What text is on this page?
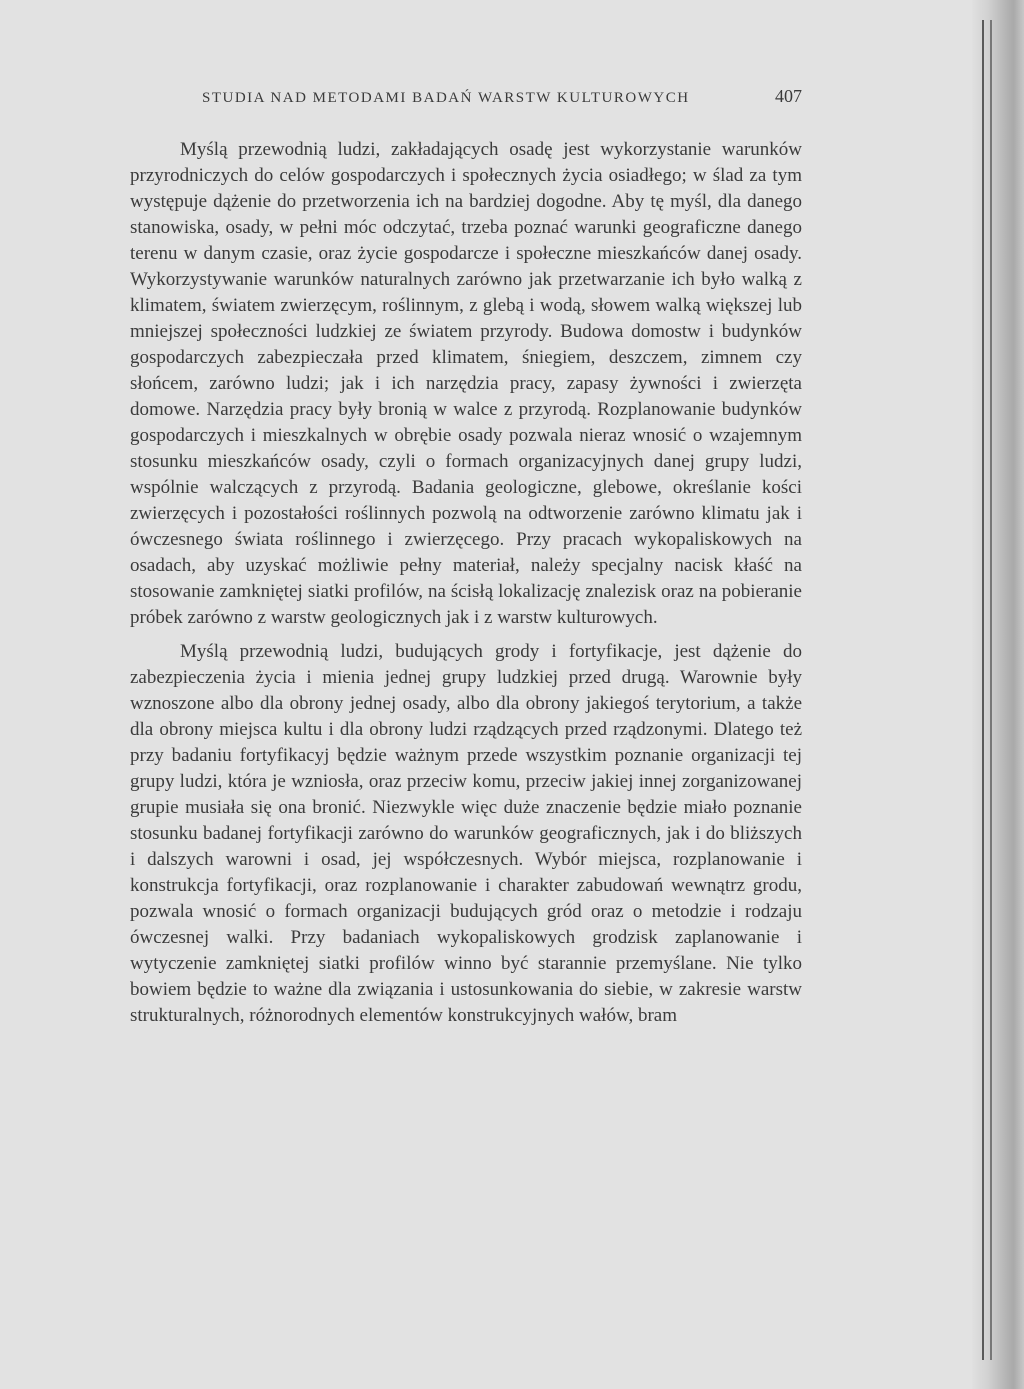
STUDIA NAD METODAMI BADAŃ WARSTW KULTUROWYCH	407

Myślą przewodnią ludzi, zakładających osadę jest wykorzystanie warunków przyrodniczych do celów gospodarczych i społecznych życia osiadłego; w ślad za tym występuje dążenie do przetworzenia ich na bardziej dogodne. Aby tę myśl, dla danego stanowiska, osady, w pełni móc odczytać, trzeba poznać warunki geograficzne danego terenu w danym czasie, oraz życie gospodarcze i społeczne mieszkańców danej osady. Wykorzystywanie warunków naturalnych zarówno jak przetwarzanie ich było walką z klimatem, światem zwierzęcym, roślinnym, z glebą i wodą, słowem walką większej lub mniejszej społeczności ludzkiej ze światem przyrody. Budowa domostw i budynków gospodarczych zabezpieczała przed klimatem, śniegiem, deszczem, zimnem czy słońcem, zarówno ludzi; jak i ich narzędzia pracy, zapasy żywności i zwierzęta domowe. Narzędzia pracy były bronią w walce z przyrodą. Rozplanowanie budynków gospodarczych i mieszkalnych w obrębie osady pozwala nieraz wnosić o wzajemnym stosunku mieszkańców osady, czyli o formach organizacyjnych danej grupy ludzi, wspólnie walczących z przyrodą. Badania geologiczne, glebowe, określanie kości zwierzęcych i pozostałości roślinnych pozwolą na odtworzenie zarówno klimatu jak i ówczesnego świata roślinnego i zwierzęcego. Przy pracach wykopaliskowych na osadach, aby uzyskać możliwie pełny materiał, należy specjalny nacisk kłaść na stosowanie zamkniętej siatki profilów, na ścisłą lokalizację znalezisk oraz na pobieranie próbek zarówno z warstw geologicznych jak i z warstw kulturowych.

Myślą przewodnią ludzi, budujących grody i fortyfikacje, jest dążenie do zabezpieczenia życia i mienia jednej grupy ludzkiej przed drugą. Warownie były wznoszone albo dla obrony jednej osady, albo dla obrony jakiegoś terytorium, a także dla obrony miejsca kultu i dla obrony ludzi rządzących przed rządzonymi. Dlatego też przy badaniu fortyfikacyj będzie ważnym przede wszystkim poznanie organizacji tej grupy ludzi, która je wzniosła, oraz przeciw komu, przeciw jakiej innej zorganizowanej grupie musiała się ona bronić. Niezwykle więc duże znaczenie będzie miało poznanie stosunku badanej fortyfikacji zarówno do warunków geograficznych, jak i do bliższych i dalszych warowni i osad, jej współczesnych. Wybór miejsca, rozplanowanie i konstrukcja fortyfikacji, oraz rozplanowanie i charakter zabudowań wewnątrz grodu, pozwala wnosić o formach organizacji budujących gród oraz o metodzie i rodzaju ówczesnej walki. Przy badaniach wykopaliskowych grodzisk zaplanowanie i wytyczenie zamkniętej siatki profilów winno być starannie przemyślane. Nie tylko bowiem będzie to ważne dla związania i ustosunkowania do siebie, w zakresie warstw strukturalnych, różnorodnych elementów konstrukcyjnych wałów, bram
